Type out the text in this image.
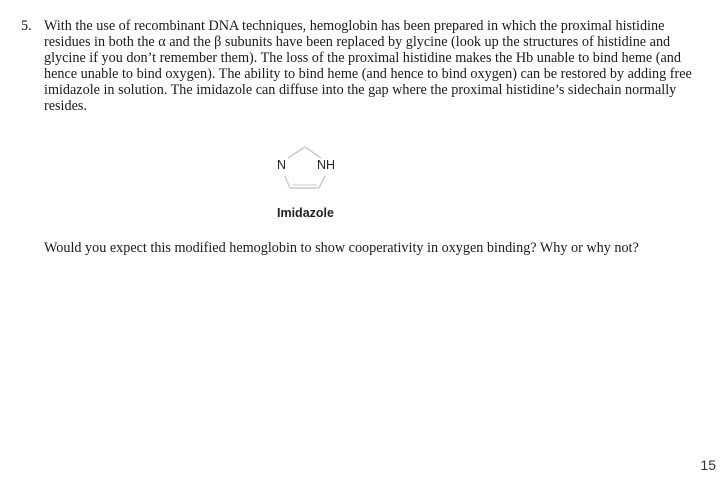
5. With the use of recombinant DNA techniques, hemoglobin has been prepared in which the proximal histidine residues in both the α and the β subunits have been replaced by glycine (look up the structures of histidine and glycine if you don’t remember them). The loss of the proximal histidine makes the Hb unable to bind heme (and hence unable to bind oxygen). The ability to bind heme (and hence to bind oxygen) can be restored by adding free imidazole in solution. The imidazole can diffuse into the gap where the proximal histidine’s sidechain normally resides.

N NH
Imidazole
Would you expect this modified hemoglobin to show cooperativity in oxygen binding? Why or why not?
15
